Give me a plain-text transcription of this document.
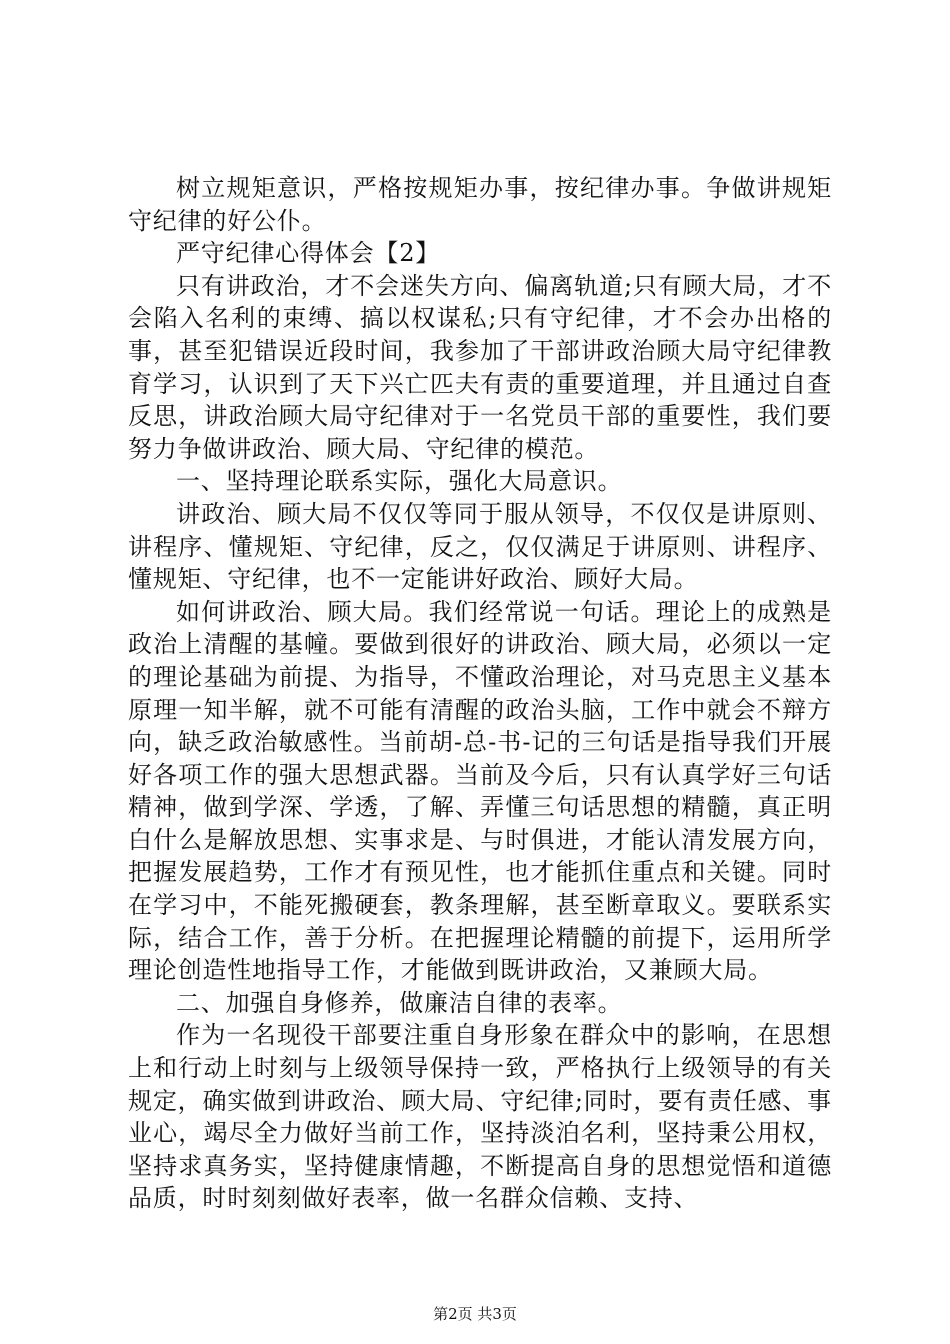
树立规矩意识，严格按规矩办事，按纪律办事。争做讲规矩守纪律的好公仆。

严守纪律心得体会【2】

只有讲政治，才不会迷失方向、偏离轨道;只有顾大局，才不会陷入名利的束缚、搞以权谋私;只有守纪律，才不会办出格的事，甚至犯错误近段时间，我参加了干部讲政治顾大局守纪律教育学习，认识到了天下兴亡匹夫有责的重要道理，并且通过自查反思，讲政治顾大局守纪律对于一名党员干部的重要性，我们要努力争做讲政治、顾大局、守纪律的模范。

一、坚持理论联系实际，强化大局意识。

讲政治、顾大局不仅仅等同于服从领导，不仅仅是讲原则、讲程序、懂规矩、守纪律，反之，仅仅满足于讲原则、讲程序、懂规矩、守纪律，也不一定能讲好政治、顾好大局。

如何讲政治、顾大局。我们经常说一句话。理论上的成熟是政治上清醒的基幢。要做到很好的讲政治、顾大局，必须以一定的理论基础为前提、为指导，不懂政治理论，对马克思主义基本原理一知半解，就不可能有清醒的政治头脑，工作中就会不辩方向，缺乏政治敏感性。当前胡-总-书-记的三句话是指导我们开展好各项工作的强大思想武器。当前及今后，只有认真学好三句话精神，做到学深、学透，了解、弄懂三句话思想的精髓，真正明白什么是解放思想、实事求是、与时俱进，才能认清发展方向，把握发展趋势，工作才有预见性，也才能抓住重点和关键。同时在学习中，不能死搬硬套，教条理解，甚至断章取义。要联系实际，结合工作，善于分析。在把握理论精髓的前提下，运用所学理论创造性地指导工作，才能做到既讲政治，又兼顾大局。

二、加强自身修养，做廉洁自律的表率。

作为一名现役干部要注重自身形象在群众中的影响，在思想上和行动上时刻与上级领导保持一致，严格执行上级领导的有关规定，确实做到讲政治、顾大局、守纪律;同时，要有责任感、事业心，竭尽全力做好当前工作，坚持淡泊名利，坚持秉公用权，坚持求真务实，坚持健康情趣，不断提高自身的思想觉悟和道德品质，时时刻刻做好表率，做一名群众信赖、支持、

第2页 共3页
